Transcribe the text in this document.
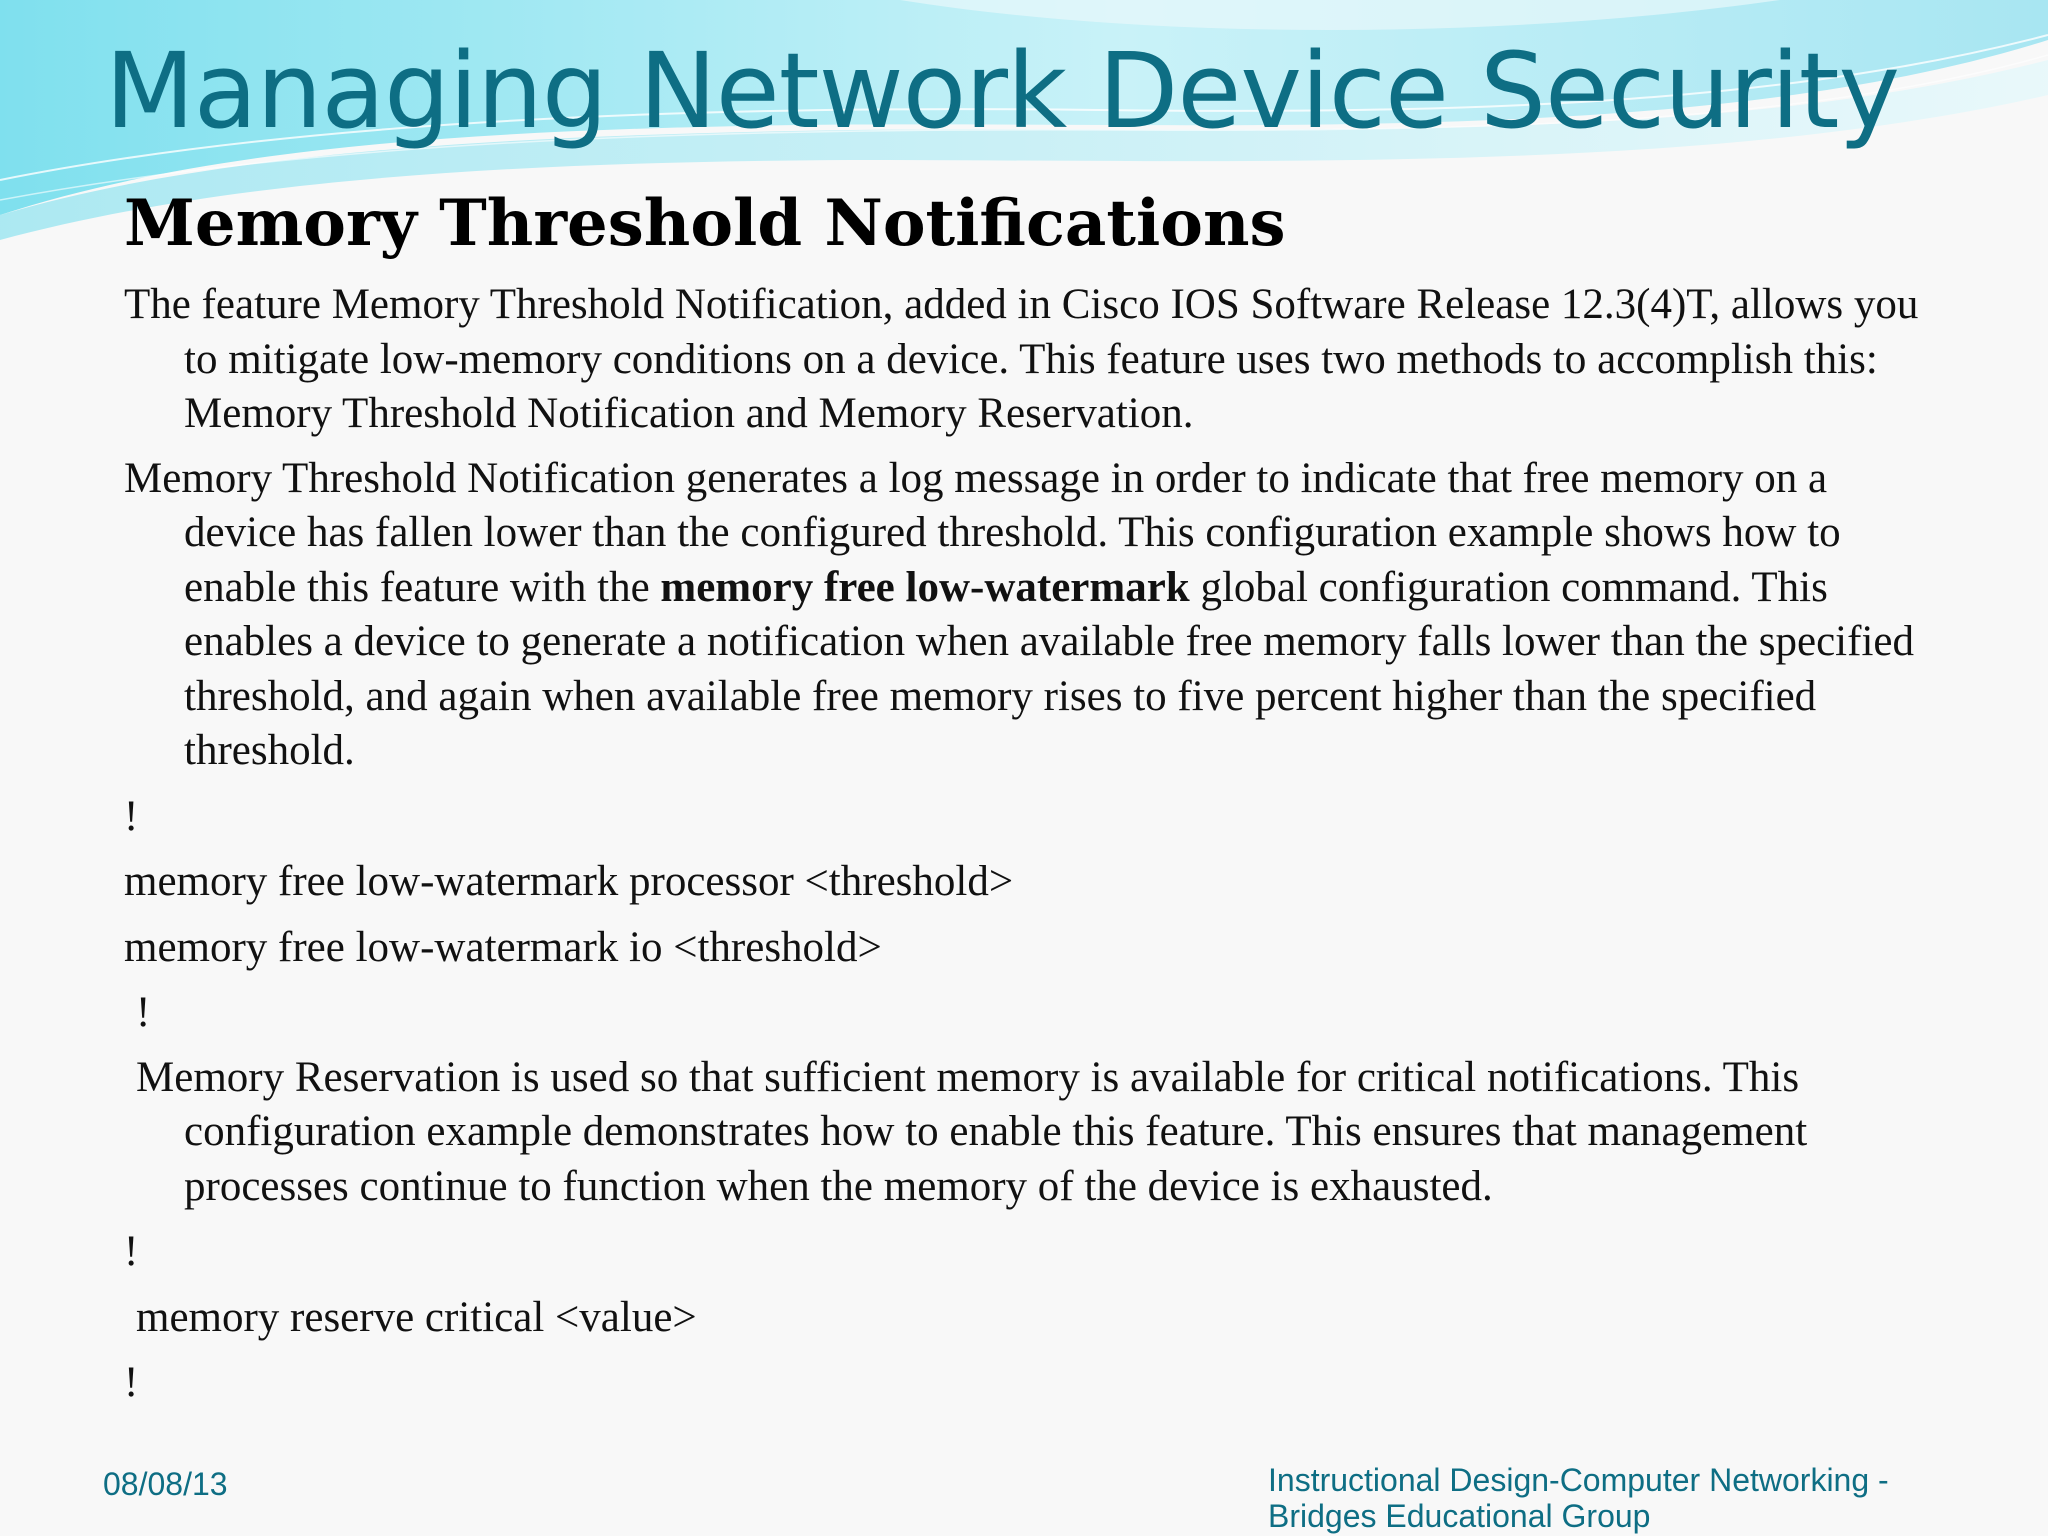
Managing Network Device Security
Memory Threshold Notifications

The feature Memory Threshold Notification, added in Cisco IOS Software Release 12.3(4)T, allows you to mitigate low-memory conditions on a device. This feature uses two methods to accomplish this: Memory Threshold Notification and Memory Reservation.

Memory Threshold Notification generates a log message in order to indicate that free memory on a device has fallen lower than the configured threshold. This configuration example shows how to enable this feature with the memory free low-watermark global configuration command. This enables a device to generate a notification when available free memory falls lower than the specified threshold, and again when available free memory rises to five percent higher than the specified threshold.

!

memory free low-watermark processor <threshold>

memory free low-watermark io <threshold>

!

Memory Reservation is used so that sufficient memory is available for critical notifications. This configuration example demonstrates how to enable this feature. This ensures that management processes continue to function when the memory of the device is exhausted.

!

memory reserve critical <value>

!

08/08/13	Instructional Design-Computer Networking -
Bridges Educational Group
